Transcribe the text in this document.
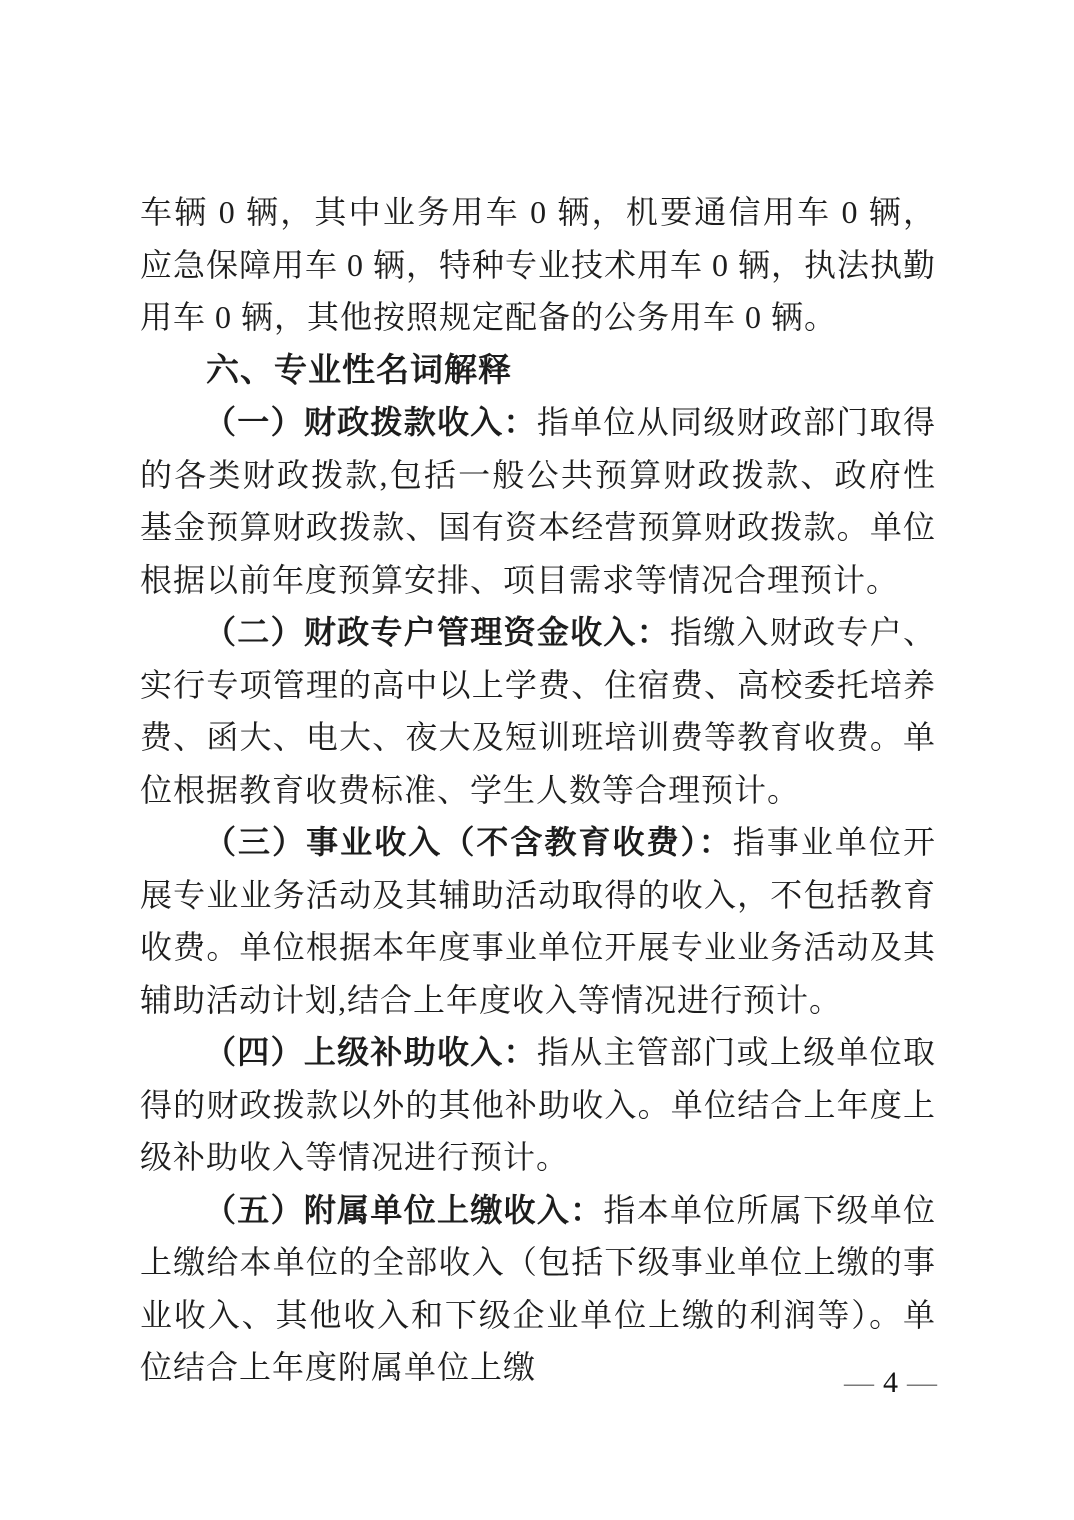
车辆 0 辆，其中业务用车 0 辆，机要通信用车 0 辆，应急保障用车 0 辆，特种专业技术用车 0 辆，执法执勤用车 0 辆，其他按照规定配备的公务用车 0 辆。

六、专业性名词解释

（一）财政拨款收入：指单位从同级财政部门取得的各类财政拨款,包括一般公共预算财政拨款、政府性基金预算财政拨款、国有资本经营预算财政拨款。单位根据以前年度预算安排、项目需求等情况合理预计。

（二）财政专户管理资金收入：指缴入财政专户、实行专项管理的高中以上学费、住宿费、高校委托培养费、函大、电大、夜大及短训班培训费等教育收费。单位根据教育收费标准、学生人数等合理预计。

（三）事业收入（不含教育收费）：指事业单位开展专业业务活动及其辅助活动取得的收入，不包括教育收费。单位根据本年度事业单位开展专业业务活动及其辅助活动计划,结合上年度收入等情况进行预计。

（四）上级补助收入：指从主管部门或上级单位取得的财政拨款以外的其他补助收入。单位结合上年度上级补助收入等情况进行预计。

（五）附属单位上缴收入：指本单位所属下级单位上缴给本单位的全部收入（包括下级事业单位上缴的事业收入、其他收入和下级企业单位上缴的利润等）。单位结合上年度附属单位上缴	— 4 —
